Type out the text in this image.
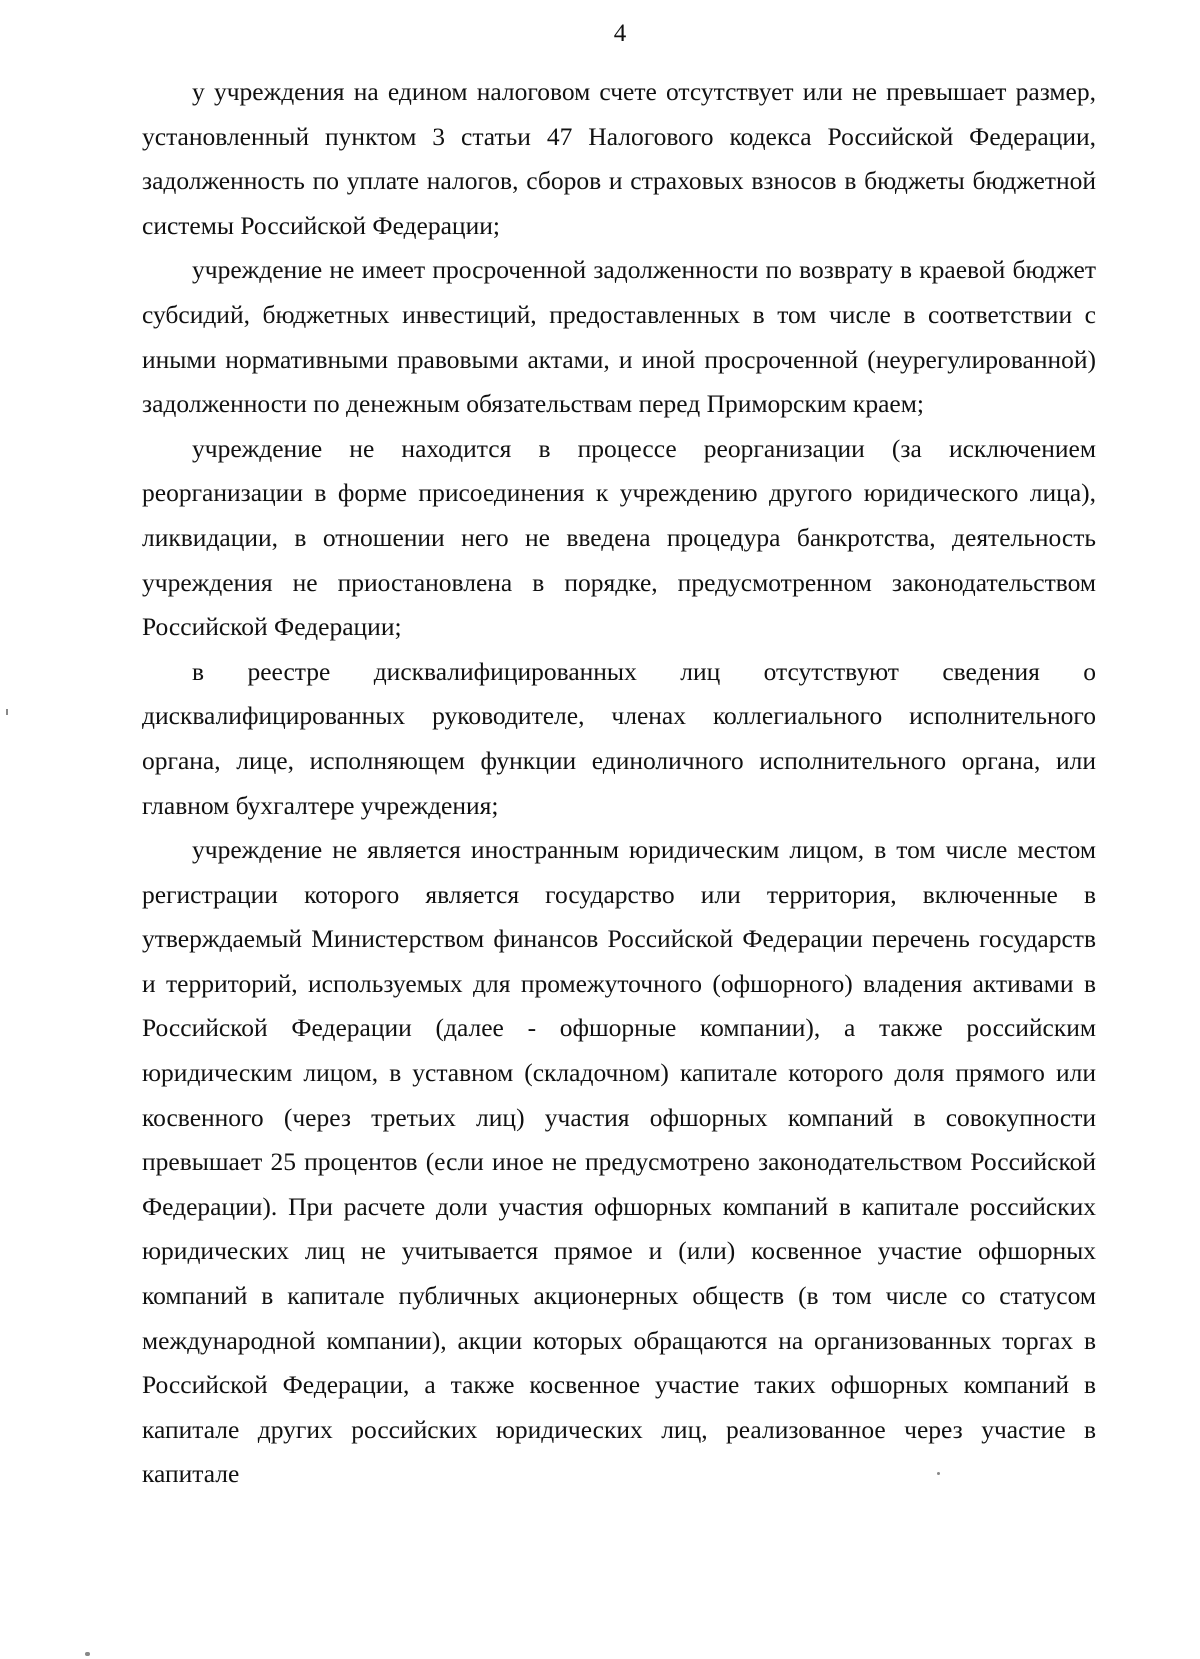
4

у учреждения на едином налоговом счете отсутствует или не превышает размер, установленный пунктом 3 статьи 47 Налогового кодекса Российской Федерации, задолженность по уплате налогов, сборов и страховых взносов в бюджеты бюджетной системы Российской Федерации;

учреждение не имеет просроченной задолженности по возврату в краевой бюджет субсидий, бюджетных инвестиций, предоставленных в том числе в соответствии с иными нормативными правовыми актами, и иной просроченной (неурегулированной) задолженности по денежным обязательствам перед Приморским краем;

учреждение не находится в процессе реорганизации (за исключением реорганизации в форме присоединения к учреждению другого юридического лица), ликвидации, в отношении него не введена процедура банкротства, деятельность учреждения не приостановлена в порядке, предусмотренном законодательством Российской Федерации;

в реестре дисквалифицированных лиц отсутствуют сведения о дисквалифицированных руководителе, членах коллегиального исполнительного органа, лице, исполняющем функции единоличного исполнительного органа, или главном бухгалтере учреждения;

учреждение не является иностранным юридическим лицом, в том числе местом регистрации которого является государство или территория, включенные в утверждаемый Министерством финансов Российской Федерации перечень государств и территорий, используемых для промежуточного (офшорного) владения активами в Российской Федерации (далее - офшорные компании), а также российским юридическим лицом, в уставном (складочном) капитале которого доля прямого или косвенного (через третьих лиц) участия офшорных компаний в совокупности превышает 25 процентов (если иное не предусмотрено законодательством Российской Федерации). При расчете доли участия офшорных компаний в капитале российских юридических лиц не учитывается прямое и (или) косвенное участие офшорных компаний в капитале публичных акционерных обществ (в том числе со статусом международной компании), акции которых обращаются на организованных торгах в Российской Федерации, а также косвенное участие таких офшорных компаний в капитале других российских юридических лиц, реализованное через участие в капитале
